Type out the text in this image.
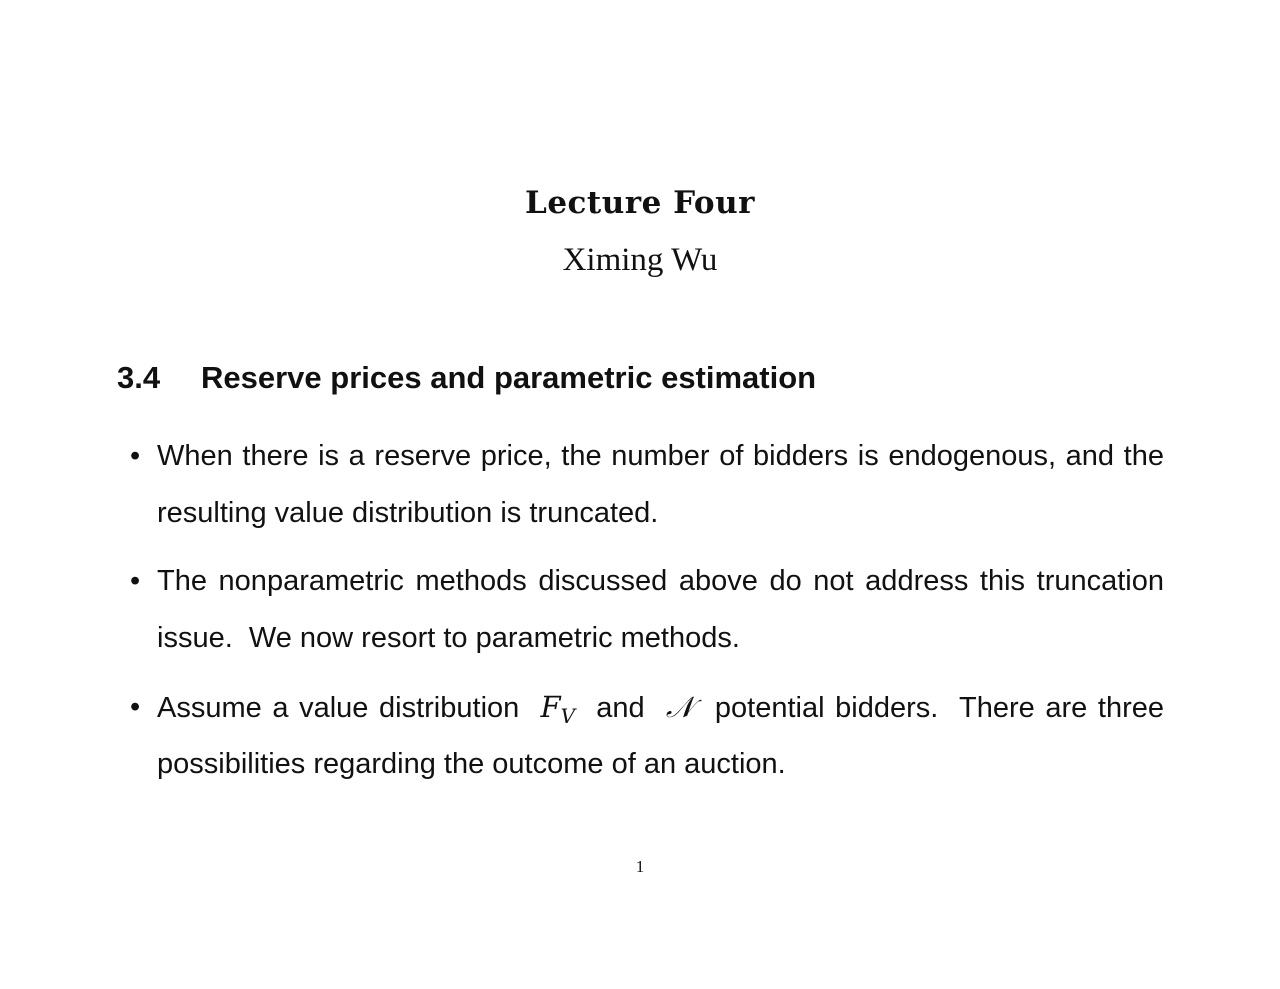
Lecture Four
Ximing Wu
3.4 Reserve prices and parametric estimation
• When there is a reserve price, the number of bidders is endogenous, and the
resulting value distribution is truncated.
• The nonparametric methods discussed above do not address this truncation
issue.  We now resort to parametric methods.
• Assume a value distribution $F_V$ and 𝒩 potential bidders.  There are three
possibilities regarding the outcome of an auction.
1
